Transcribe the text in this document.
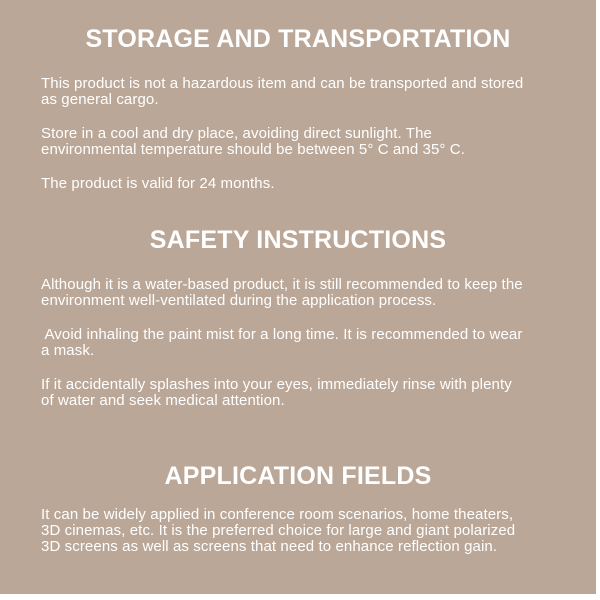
STORAGE AND TRANSPORTATION

This product is not a hazardous item and can be transported and stored
as general cargo.

Store in a cool and dry place, avoiding direct sunlight. The
environmental temperature should be between 5° C and 35° C.

The product is valid for 24 months.

SAFETY INSTRUCTIONS

Although it is a water-based product, it is still recommended to keep the
environment well-ventilated during the application process.

Avoid inhaling the paint mist for a long time. It is recommended to wear
a mask.

If it accidentally splashes into your eyes, immediately rinse with plenty
of water and seek medical attention.

APPLICATION FIELDS

It can be widely applied in conference room scenarios, home theaters,
3D cinemas, etc. It is the preferred choice for large and giant polarized
3D screens as well as screens that need to enhance reflection gain.
